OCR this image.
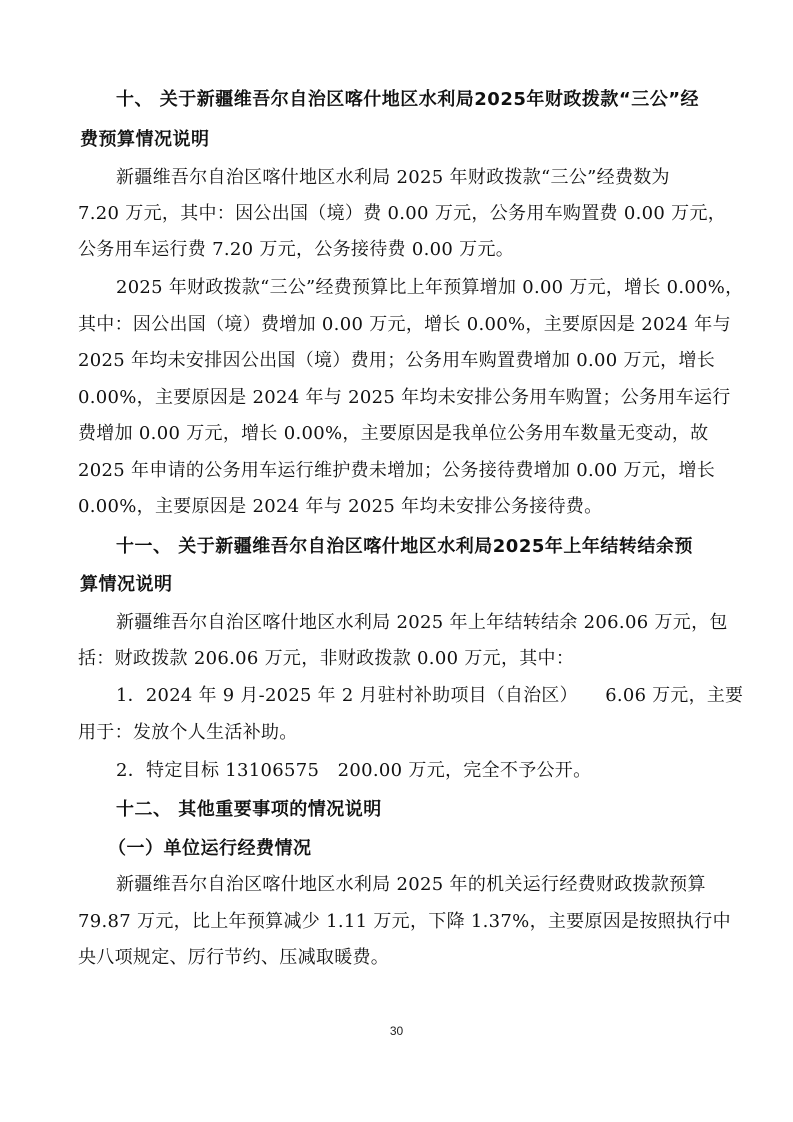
十、 关于新疆维吾尔自治区喀什地区水利局2025年财政拨款“三公”经
费预算情况说明
新疆维吾尔自治区喀什地区水利局 2025 年财政拨款“三公”经费数为
7.20 万元，其中：因公出国（境）费 0.00 万元，公务用车购置费 0.00 万元，
公务用车运行费 7.20 万元，公务接待费 0.00 万元。
2025 年财政拨款“三公”经费预算比上年预算增加 0.00 万元，增长 0.00%，
其中：因公出国（境）费增加 0.00 万元，增长 0.00%，主要原因是 2024 年与
2025 年均未安排因公出国（境）费用；公务用车购置费增加 0.00 万元，增长
0.00%，主要原因是 2024 年与 2025 年均未安排公务用车购置；公务用车运行
费增加 0.00 万元，增长 0.00%，主要原因是我单位公务用车数量无变动，故
2025 年申请的公务用车运行维护费未增加；公务接待费增加 0.00 万元，增长
0.00%，主要原因是 2024 年与 2025 年均未安排公务接待费。
十一、 关于新疆维吾尔自治区喀什地区水利局2025年上年结转结余预
算情况说明
新疆维吾尔自治区喀什地区水利局 2025 年上年结转结余 206.06 万元，包
括：财政拨款 206.06 万元，非财政拨款 0.00 万元，其中：
1．2024 年 9 月-2025 年 2 月驻村补助项目（自治区）　　6.06 万元，主要
用于：发放个人生活补助。
2．特定目标 13106575　200.00 万元，完全不予公开。
十二、 其他重要事项的情况说明
（一）单位运行经费情况
新疆维吾尔自治区喀什地区水利局 2025 年的机关运行经费财政拨款预算
79.87 万元，比上年预算减少 1.11 万元，下降 1.37%，主要原因是按照执行中
央八项规定、厉行节约、压减取暖费。
30
